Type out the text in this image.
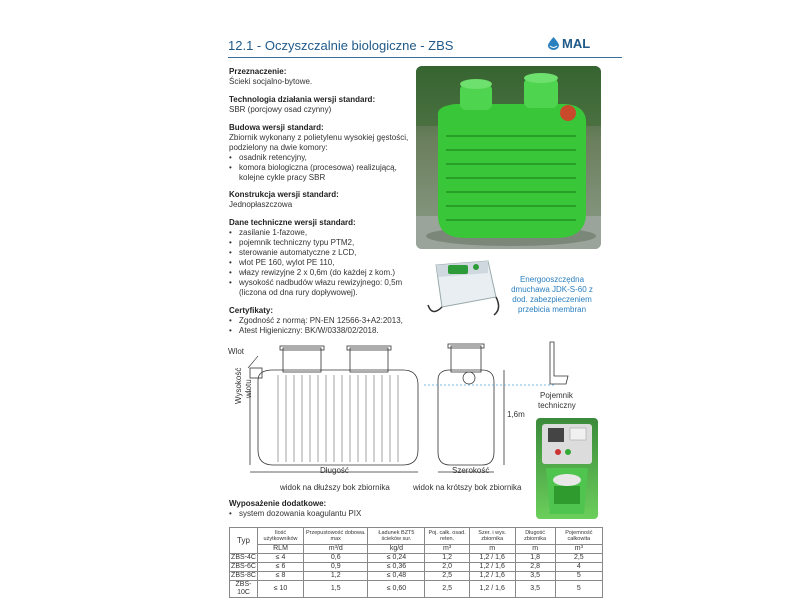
12.1 - Oczyszczalnie biologiczne - ZBS	MAL
Przeznaczenie:
Ścieki socjalno-bytowe.
Technologia działania wersji standard:
SBR (porcjowy osad czynny)
Budowa wersji standard:
Zbiornik wykonany z polietylenu wysokiej gęstości, podzielony na dwie komory:
• osadnik retencyjny,
• komora biologiczna (procesowa) realizującą, kolejne cykle pracy SBR
Konstrukcja wersji standard:
Jednopłaszczowa
Dane techniczne wersji standard:
• zasilanie 1-fazowe,
• pojemnik techniczny typu PTM2,
• sterowanie automatyczne z LCD,
• wlot PE 160, wylot PE 110,
• włazy rewizyjne 2 x 0,6m (do każdej z kom.)
• wysokość nadbudów włazu rewizyjnego: 0,5m (liczona od dna rury dopływowej).
Certyfikaty:
• Zgodność z normą: PN-EN 12566-3+A2:2013,
• Atest Higieniczny: BK/W/0338/02/2018.
Energooszczędna dmuchawa JDK-S-60 z dod. zabezpieczeniem przebicia membran
Wlot
Wysokość wlotu
Długość	Szerokość
1,6m
Pojemnik
techniczny
widok na dłuższy bok zbiornika	widok na krótszy bok zbiornika
Wyposażenie dodatkowe:
• system dozowania koagulantu PIX
Typ	Ilość użytkowników	Przepustowość dobowa. max	Ładunek BZT5 ścieków sur.	Poj. całk. osad. reten.	Szer. i wys. zbiornika	Długość zbiornika	Pojemność całkowita
	RLM	m³/d	kg/d	m³	m	m	m³
ZBS-4C	≤ 4	0,6	≤ 0,24	1,2	1,2 / 1,6	1,8	2,5
ZBS-6C	≤ 6	0,9	≤ 0,36	2,0	1,2 / 1,6	2,8	4
ZBS-8C	≤ 8	1,2	≤ 0,48	2,5	1,2 / 1,6	3,5	5
ZBS-10C	≤ 10	1,5	≤ 0,60	2,5	1,2 / 1,6	3,5	5
